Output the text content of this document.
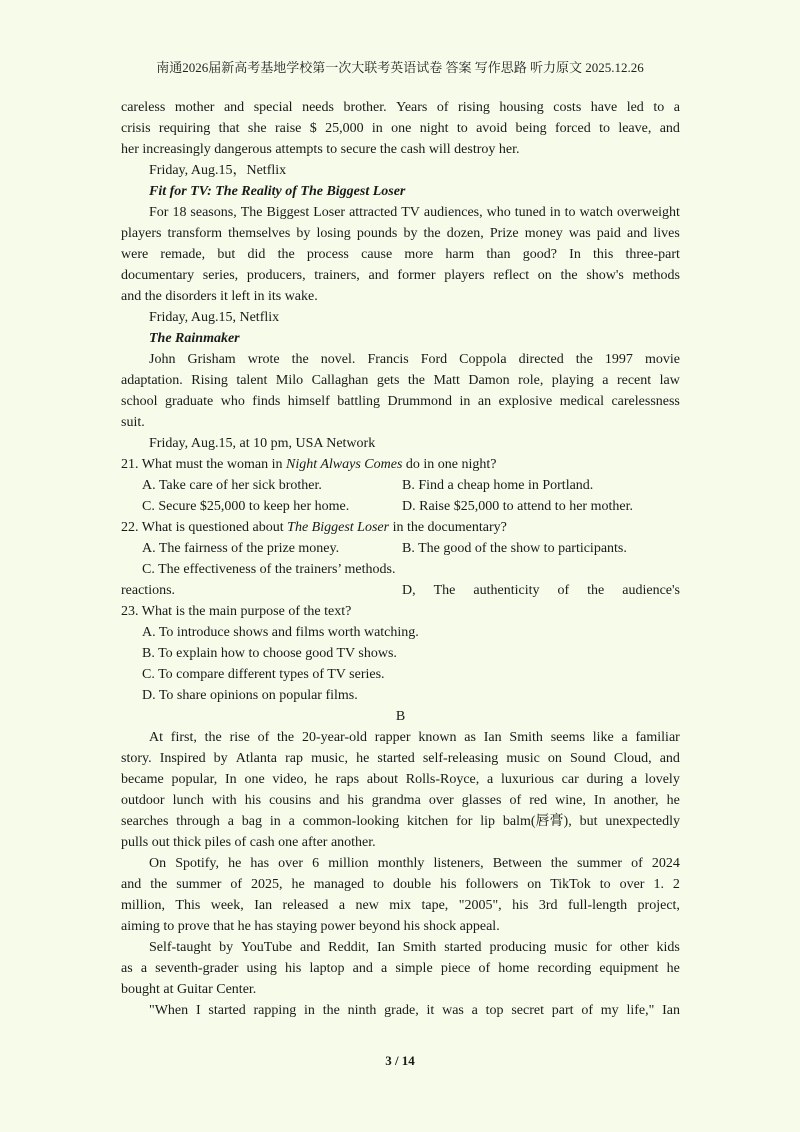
南通2026届新高考基地学校第一次大联考英语试卷 答案 写作思路 听力原文 2025.12.26
careless mother and special needs brother. Years of rising housing costs have led to a
crisis requiring that she raise $ 25,000 in one night to avoid being forced to leave, and
her increasingly dangerous attempts to secure the cash will destroy her.
Friday, Aug.15，Netflix
Fit for TV: The Reality of The Biggest Loser
For 18 seasons, The Biggest Loser attracted TV audiences, who tuned in to watch overweight
players transform themselves by losing pounds by the dozen, Prize money was paid and lives
were remade, but did the process cause more harm than good? In this three-part
documentary series, producers, trainers, and former players reflect on the show's methods
and the disorders it left in its wake.
Friday, Aug.15, Netflix
The Rainmaker
John Grisham wrote the novel. Francis Ford Coppola directed the 1997 movie
adaptation. Rising talent Milo Callaghan gets the Matt Damon role, playing a recent law
school graduate who finds himself battling Drummond in an explosive medical carelessness
suit.
Friday, Aug.15, at 10 pm, USA Network
21. What must the woman in Night Always Comes do in one night?
A. Take care of her sick brother.	B. Find a cheap home in Portland.
C. Secure $25,000 to keep her home.	D. Raise $25,000 to attend to her mother.
22. What is questioned about The Biggest Loser in the documentary?
A. The fairness of the prize money.	B. The good of the show to participants.
C. The effectiveness of the trainers’ methods.
D, The authenticity of the audience's
reactions.
23. What is the main purpose of the text?
A. To introduce shows and films worth watching.
B. To explain how to choose good TV shows.
C. To compare different types of TV series.
D. To share opinions on popular films.
B
At first, the rise of the 20-year-old rapper known as Ian Smith seems like a familiar
story. Inspired by Atlanta rap music, he started self-releasing music on Sound Cloud, and
became popular, In one video, he raps about Rolls-Royce, a luxurious car during a lovely
outdoor lunch with his cousins and his grandma over glasses of red wine, In another, he
searches through a bag in a common-looking kitchen for lip balm(唇膏), but unexpectedly
pulls out thick piles of cash one after another.
On Spotify, he has over 6 million monthly listeners, Between the summer of 2024
and the summer of 2025, he managed to double his followers on TikTok to over 1. 2
million, This week, Ian released a new mix tape, "2005", his 3rd full-length project,
aiming to prove that he has staying power beyond his shock appeal.
Self-taught by YouTube and Reddit, Ian Smith started producing music for other kids
as a seventh-grader using his laptop and a simple piece of home recording equipment he
bought at Guitar Center.
"When I started rapping in the ninth grade, it was a top secret part of my life," Ian
3 / 14
